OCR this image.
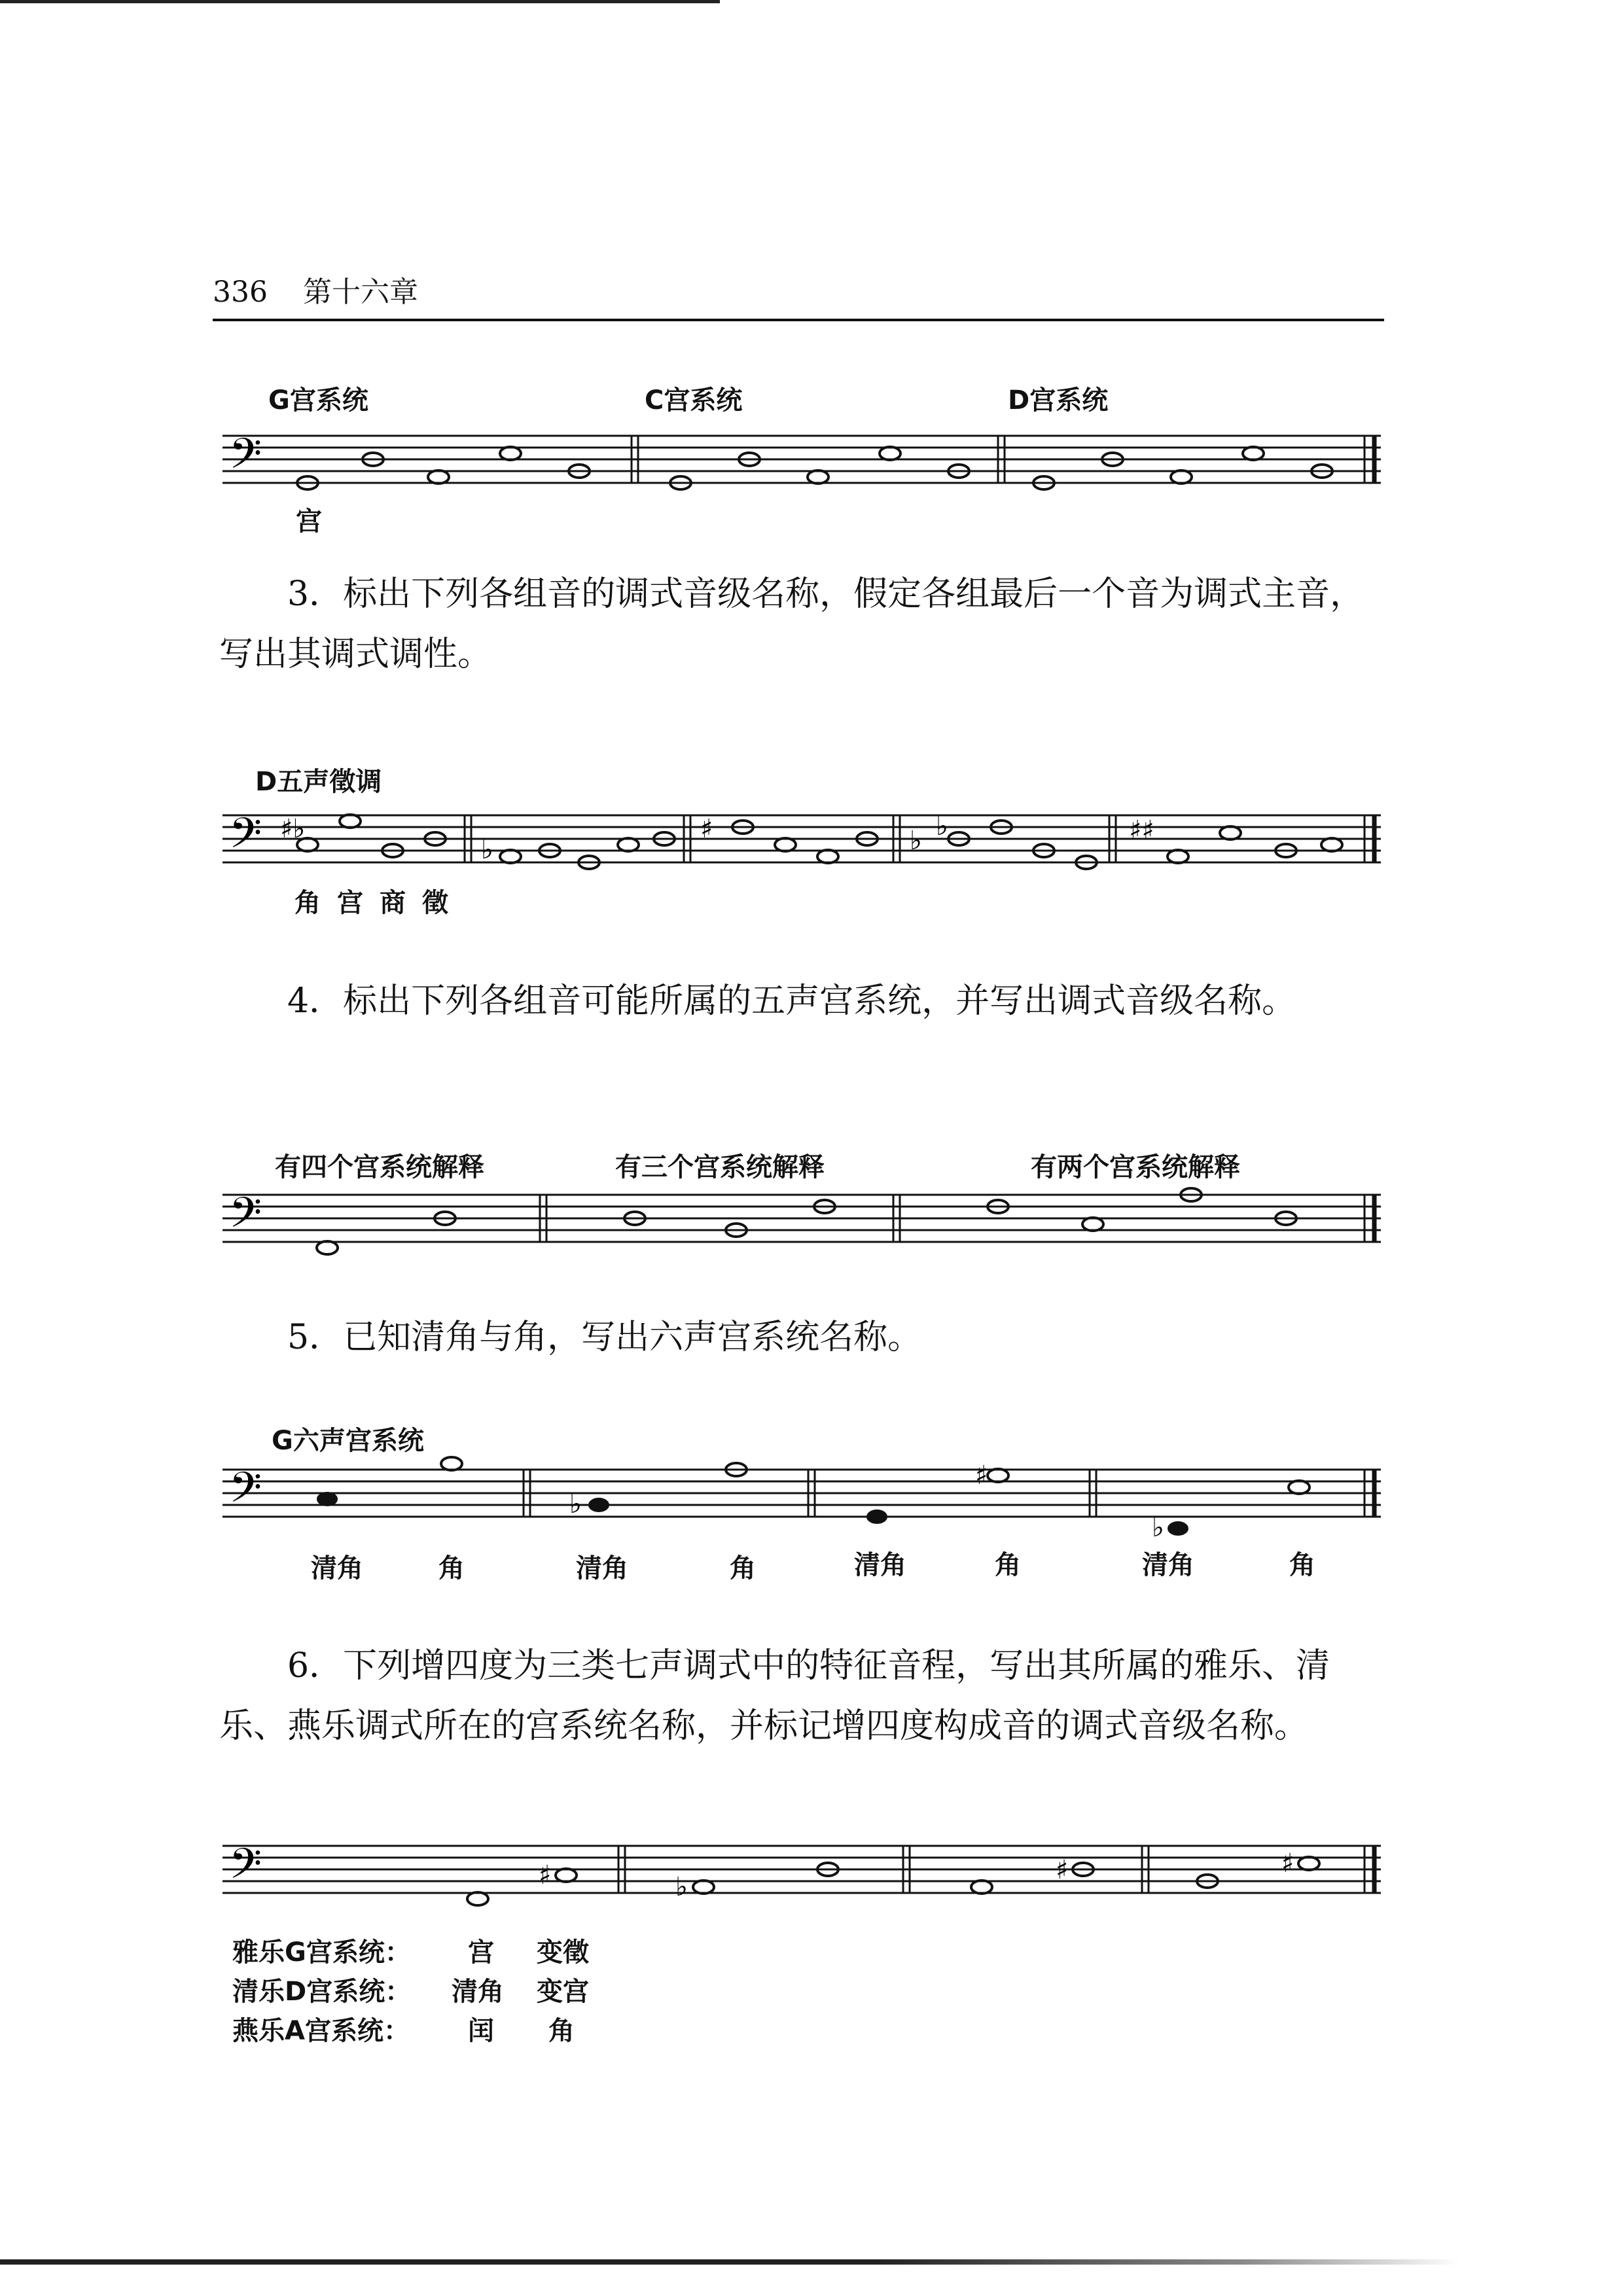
336 第十六章
G宫系统	C宫系统	D宫系统
𝄢
宫

3．标出下列各组音的调式音级名称，假定各组最后一个音为调式主音，写出其调式调性。

D五声徵调
𝄢 ♯♭
♭
♯	♭ ♭	♯♯
角 宫 商 徵

4．标出下列各组音可能所属的五声宫系统，并写出调式音级名称。

有四个宫系统解释	有三个宫系统解释	有两个宫系统解释
𝄢

5．已知清角与角，写出六声宫系统名称。

G六声宫系统
𝄢	♭
♯
♭
清角	角	清角	角	清角	角	清角	角

6．下列增四度为三类七声调式中的特征音程，写出其所属的雅乐、清乐、燕乐调式所在的宫系统名称，并标记增四度构成音的调式音级名称。

𝄢	♯	♭
♯	♯
雅乐G宫系统： 宫 变徵
清乐D宫系统： 清角 变宫
燕乐A宫系统： 闰 角
